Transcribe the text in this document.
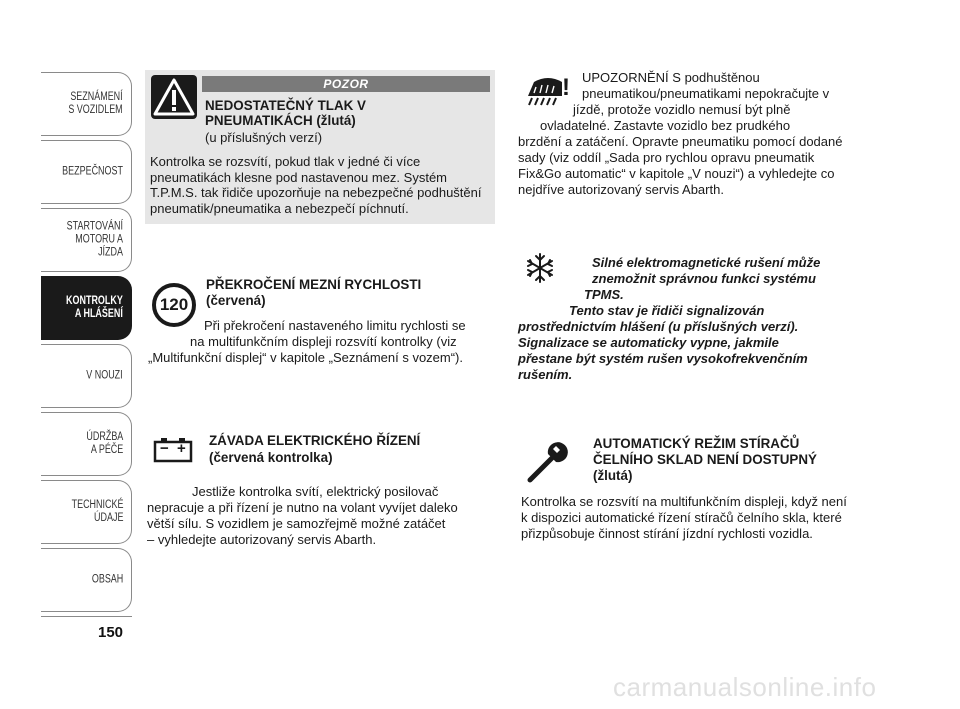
SEZNÁMENÍ
S VOZIDLEM
BEZPEČNOST
STARTOVÁNÍ
MOTORU A JÍZDA
KONTROLKY
A HLÁŠENÍ
V NOUZI
ÚDRŽBA
A PÉČE
TECHNICKÉ
ÚDAJE
OBSAH
150
POZOR
NEDOSTATEČNÝ TLAK V
PNEUMATIKÁCH (žlutá)
(u příslušných verzí)
Kontrolka se rozsvítí, pokud tlak v jedné či více pneumatikách klesne pod nastavenou mez. Systém T.P.M.S. tak řidiče upozorňuje na nebezpečné podhuštění pneumatik/pneumatika a nebezpečí píchnutí.
120
PŘEKROČENÍ MEZNÍ RYCHLOSTI
(červená)
Při překročení nastaveného limitu rychlosti se
na multifunkčním displeji rozsvítí kontrolky (viz
„Multifunkční displej“ v kapitole „Seznámení s vozem“).
− + ZÁVADA ELEKTRICKÉHO ŘÍZENÍ
(červená kontrolka)
Jestliže kontrolka svítí, elektrický posilovač
nepracuje a při řízení je nutno na volant vyvíjet daleko
větší sílu. S vozidlem je samozřejmě možné zatáčet
– vyhledejte autorizovaný servis Abarth.
! UPOZORNĚNÍ S podhuštěnou
pneumatikou/pneumatikami nepokračujte v
jízdě, protože vozidlo nemusí být plně
ovladatelné. Zastavte vozidlo bez prudkého
brzdění a zatáčení. Opravte pneumatiku pomocí dodané
sady (viz oddíl „Sada pro rychlou opravu pneumatik
Fix&Go automatic“ v kapitole „V nouzi“) a vyhledejte co
nejdříve autorizovaný servis Abarth.
Silné elektromagnetické rušení může
znemožnit správnou funkci systému
TPMS.
Tento stav je řidiči signalizován
prostřednictvím hlášení (u příslušných verzí).
Signalizace se automaticky vypne, jakmile
přestane být systém rušen vysokofrekvenčním
rušením.
AUTOMATICKÝ REŽIM STÍRAČŮ
ČELNÍHO SKLAD NENÍ DOSTUPNÝ
(žlutá)
Kontrolka se rozsvítí na multifunkčním displeji, když není
k dispozici automatické řízení stíračů čelního skla, které
přizpůsobuje činnost stírání jízdní rychlosti vozidla.
carmanualsonline.info
